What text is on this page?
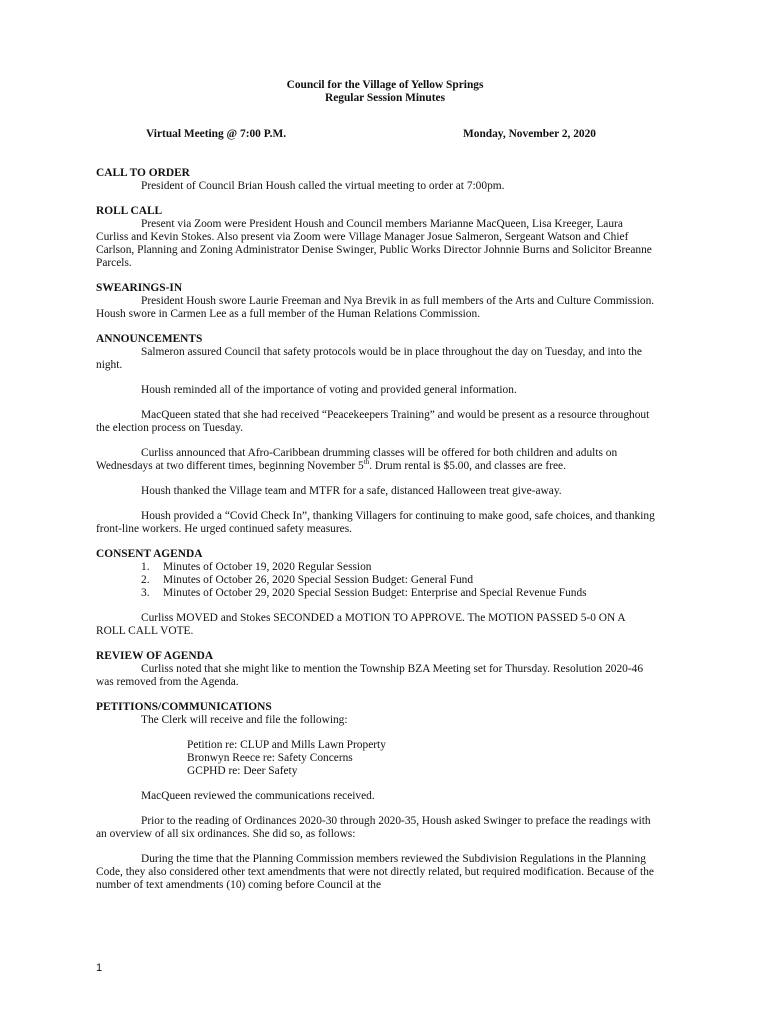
Council for the Village of Yellow Springs
Regular Session Minutes
Virtual Meeting @ 7:00 P.M.	Monday, November 2, 2020
CALL TO ORDER

President of Council Brian Housh called the virtual meeting to order at 7:00pm.

ROLL CALL

Present via Zoom were President Housh and Council members Marianne MacQueen, Lisa Kreeger, Laura Curliss and Kevin Stokes. Also present via Zoom were Village Manager Josue Salmeron, Sergeant Watson and Chief Carlson, Planning and Zoning Administrator Denise Swinger, Public Works Director Johnnie Burns and Solicitor Breanne Parcels.

SWEARINGS-IN

President Housh swore Laurie Freeman and Nya Brevik in as full members of the Arts and Culture Commission. Housh swore in Carmen Lee as a full member of the Human Relations Commission.

ANNOUNCEMENTS

Salmeron assured Council that safety protocols would be in place throughout the day on Tuesday, and into the night.

Housh reminded all of the importance of voting and provided general information.

MacQueen stated that she had received “Peacekeepers Training” and would be present as a resource throughout the election process on Tuesday.

Curliss announced that Afro-Caribbean drumming classes will be offered for both children and adults on Wednesdays at two different times, beginning November 5th. Drum rental is $5.00, and classes are free.

Housh thanked the Village team and MTFR for a safe, distanced Halloween treat give-away.

Housh provided a “Covid Check In”, thanking Villagers for continuing to make good, safe choices, and thanking front-line workers. He urged continued safety measures.

CONSENT AGENDA
1. Minutes of October 19, 2020 Regular Session
2. Minutes of October 26, 2020 Special Session Budget: General Fund
3. Minutes of October 29, 2020 Special Session Budget: Enterprise and Special Revenue Funds

Curliss MOVED and Stokes SECONDED a MOTION TO APPROVE. The MOTION PASSED 5-0 ON A ROLL CALL VOTE.

REVIEW OF AGENDA

Curliss noted that she might like to mention the Township BZA Meeting set for Thursday. Resolution 2020-46 was removed from the Agenda.

PETITIONS/COMMUNICATIONS

The Clerk will receive and file the following:

Petition re: CLUP and Mills Lawn Property
Bronwyn Reece re: Safety Concerns
GCPHD re: Deer Safety

MacQueen reviewed the communications received.

Prior to the reading of Ordinances 2020-30 through 2020-35, Housh asked Swinger to preface the readings with an overview of all six ordinances. She did so, as follows:

During the time that the Planning Commission members reviewed the Subdivision Regulations in the Planning Code, they also considered other text amendments that were not directly related, but required modification. Because of the number of text amendments (10) coming before Council at the

1
